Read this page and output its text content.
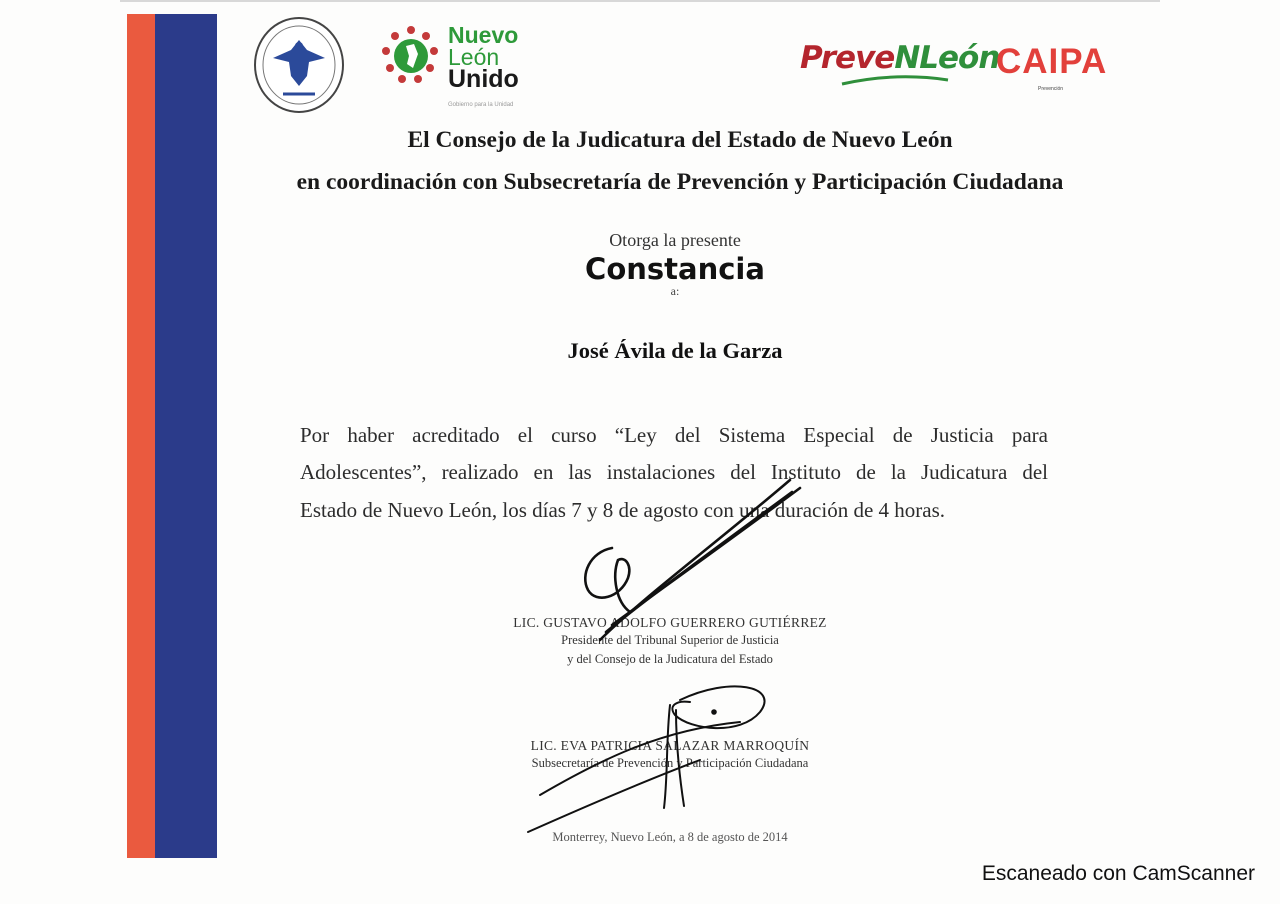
Nuevo
León
Unido
Gobierno para la Unidad
PreveNLeón
CAIPA
Prevención
El Consejo de la Judicatura del Estado de Nuevo León
en coordinación con Subsecretaría de Prevención y Participación Ciudadana
Otorga la presente
Constancia
a:
José Ávila de la Garza
Por haber acreditado el curso “Ley del Sistema Especial de Justicia para
Adolescentes”, realizado en las instalaciones del Instituto de la Judicatura del
Estado de Nuevo León, los días 7 y 8 de agosto con una duración de 4 horas.
LIC. GUSTAVO ADOLFO GUERRERO GUTIÉRREZ
Presidente del Tribunal Superior de Justicia
y del Consejo de la Judicatura del Estado
LIC. EVA PATRICIA SALAZAR MARROQUÍN
Subsecretaría de Prevención y Participación Ciudadana
Monterrey, Nuevo León, a 8 de agosto de 2014
Escaneado con CamScanner
